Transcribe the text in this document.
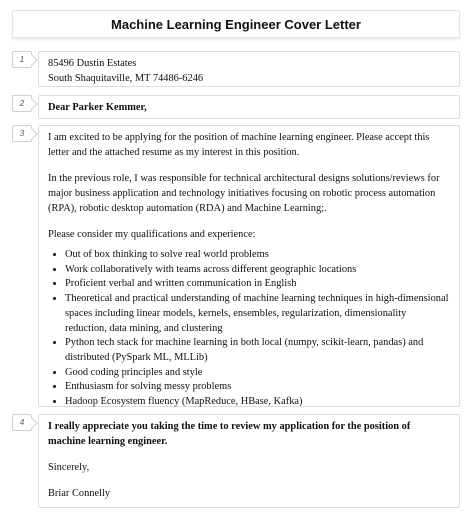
Machine Learning Engineer Cover Letter
1	85496 Dustin Estates

South Shaquitaville, MT 74486-6246

2	Dear Parker Kemmer,

3	I am excited to be applying for the position of machine learning engineer. Please accept this letter and the attached resume as my interest in this position.

In the previous role, I was responsible for technical architectural designs solutions/reviews for major business application and technology initiatives focusing on robotic process automation (RPA), robotic desktop automation (RDA) and Machine Learning;.

Please consider my qualifications and experience:

• Out of box thinking to solve real world problems
• Work collaboratively with teams across different geographic locations
• Proficient verbal and written communication in English
• Theoretical and practical understanding of machine learning techniques in high-dimensional spaces including linear models, kernels, ensembles, regularization, dimensionality reduction, data mining, and clustering
• Python tech stack for machine learning in both local (numpy, scikit-learn, pandas) and distributed (PySpark ML, MLLib)
• Good coding principles and style
• Enthusiasm for solving messy problems
• Hadoop Ecosystem fluency (MapReduce, HBase, Kafka)
4	I really appreciate you taking the time to review my application for the position of machine learning engineer.

Sincerely,

Briar Connelly
